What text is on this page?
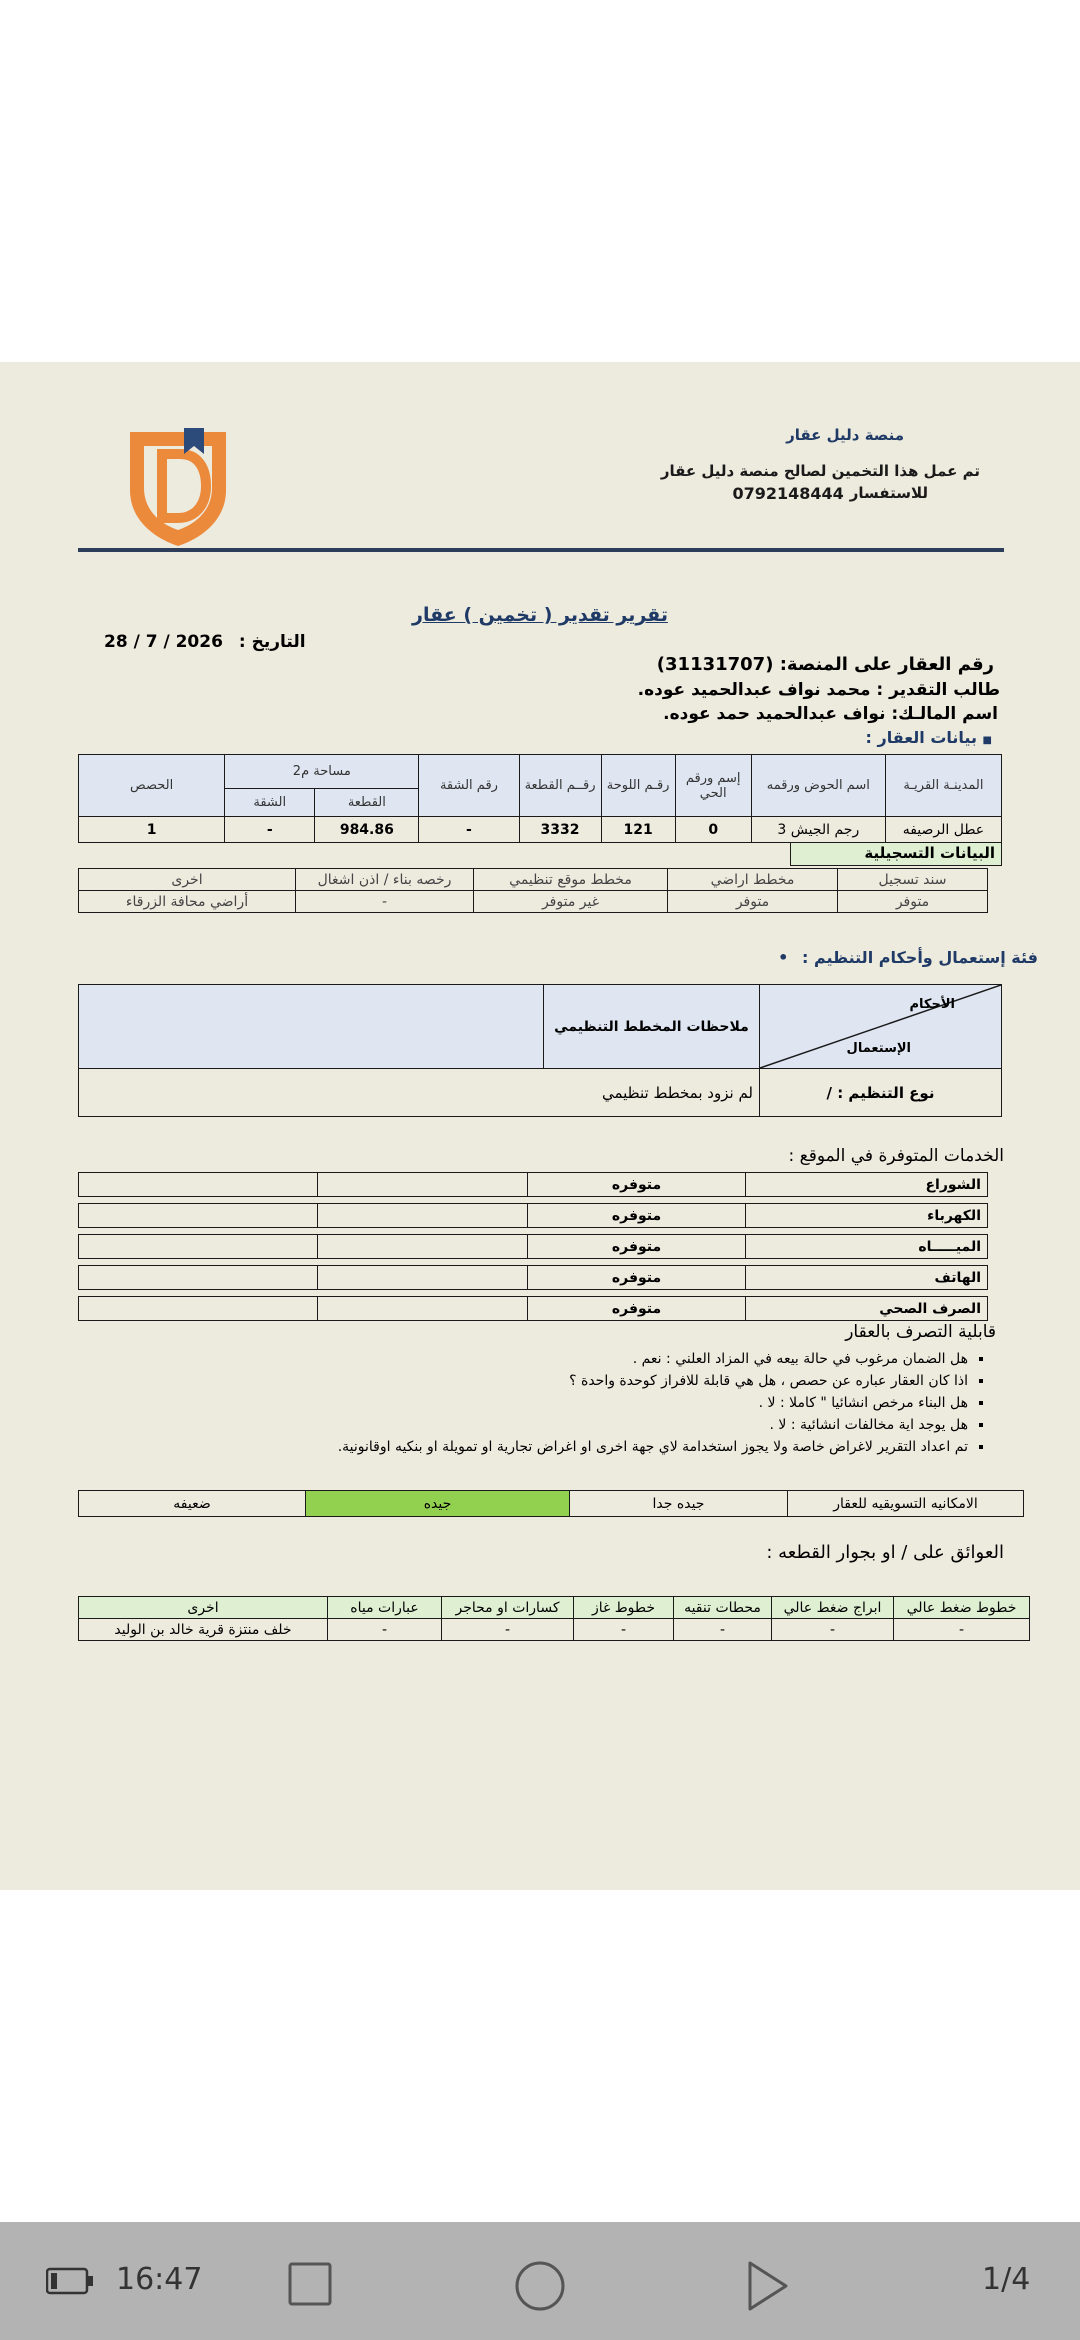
منصة دليل عقار
تم عمل هذا التخمين لصالح منصة دليل عقار
للاستفسار
0792148444
تقرير تقدير ( تخمين ) عقار
التاريخ :
28 / 7 / 2026
رقم العقار على المنصة: (31131707)
طالب التقدير : محمد نواف عبدالحميد عوده.
اسم المالـك: نواف عبدالحميد حمد عوده.
■ بيانات العقار :
المدينـة القريـة	اسم الحوض ورقمه	إسم ورقم الحي	رقـم اللوحة	رقــم القطعة	رقم الشقة	مساحة م2		الحصص
						القطعة	الشقة	
عطل الرصيفه	رجم الجيش 3	0	121	3332	-	984.86	-	1
البيانات التسجيلية
سند تسجيل	مخطط اراضي	مخطط موقع تنظيمي	رخصه بناء / اذن اشغال	اخرى
متوفر	متوفر	غير متوفر	-	أراضي محافة الزرقاء
فئة إستعمال وأحكام التنظيم : •
الأحكام
الإستعمال	ملاحظات المخطط التنظيمي	
نوع التنظيم : /	لم نزود بمخطط تنظيمي	
الخدمات المتوفرة في الموقع :
الشوراع	متوفره		
الكهرباء	متوفره		
الميـــــاه	متوفره		
الهاتف	متوفره		
الصرف الصحي	متوفره		
قابلية التصرف بالعقار
▪ هل الضمان مرغوب في حالة بيعه في المزاد العلني : نعم .
▪ اذا كان العقار عباره عن حصص ، هل هي قابلة للافراز كوحدة واحدة ؟
▪ هل البناء مرخص انشائيا " كاملا : لا .
▪ هل يوجد اية مخالفات انشائية : لا .
▪ تم اعداد التقرير لاغراض خاصة ولا يجوز استخدامة لاي جهة اخرى او اغراض تجارية او تمويلة او بنكيه اوقانونية.
الامكانيه التسويقيه للعقار	جيده جدا	جيده	ضعيفه
العوائق على / او بجوار القطعه :
خطوط ضغط عالي	ابراج ضغط عالي	محطات تنقيه	خطوط غاز	كسارات او محاجر	عبارات مياه	اخرى
-	-	-	-	-	-	خلف منتزة قرية خالد بن الوليد
16:47	1/4
